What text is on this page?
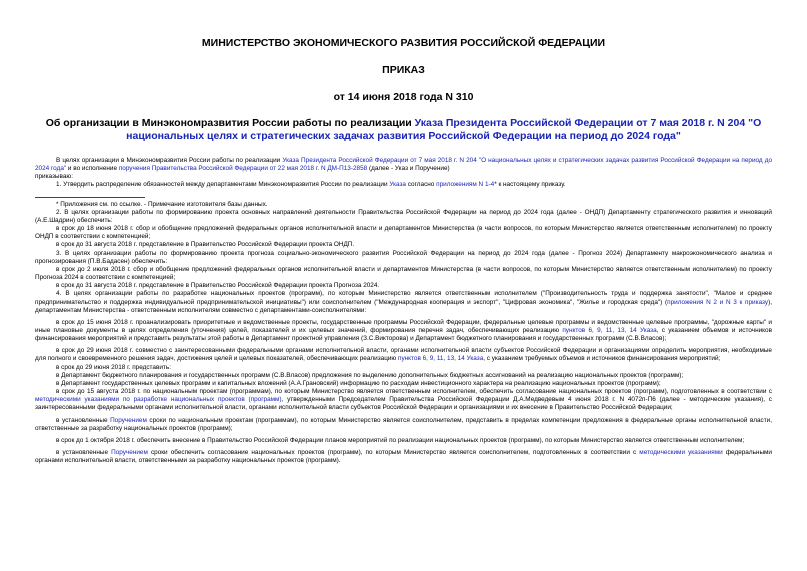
МИНИСТЕРСТВО ЭКОНОМИЧЕСКОГО РАЗВИТИЯ РОССИЙСКОЙ ФЕДЕРАЦИИ
ПРИКАЗ
от 14 июня 2018 года N 310
Об организации в Минэкономразвития России работы по реализации Указа Президента Российской Федерации от 7 мая 2018 г. N 204 "О национальных целях и стратегических задачах развития Российской Федерации на период до 2024 года"

В целях организации в Минэкономразвития России работы по реализации Указа Президента Российской Федерации от 7 мая 2018 г. N 204 "О национальных целях и стратегических задачах развития Российской Федерации на период до 2024 года" и во исполнение поручения Правительства Российской Федерации от 22 мая 2018 г. N ДМ-П13-2858 (далее - Указ и Поручение)

приказываю:

1. Утвердить распределение обязанностей между департаментами Минэкономразвития России по реализации Указа согласно приложениям N 1-4* к настоящему приказу.

* Приложения см. по ссылке. - Примечание изготовителя базы данных.

2. В целях организации работы по формированию проекта основных направлений деятельности Правительства Российской Федерации на период до 2024 года (далее - ОНДП) Департаменту стратегического развития и инноваций (А.Е.Шадрин) обеспечить:

в срок до 18 июня 2018 г. сбор и обобщение предложений федеральных органов исполнительной власти и департаментов Министерства (в части вопросов, по которым Министерство является ответственным исполнителем) по проекту ОНДП в соответствии с компетенцией;

в срок до 31 августа 2018 г. представление в Правительство Российской Федерации проекта ОНДП.

3. В целях организации работы по формированию проекта прогноза социально-экономического развития Российской Федерации на период до 2024 года (далее - Прогноз 2024) Департаменту макроэкономического анализа и прогнозирования (П.В.Бадасен) обеспечить:

в срок до 2 июля 2018 г. сбор и обобщение предложений федеральных органов исполнительной власти и департаментов Министерства (в части вопросов, по которым Министерство является ответственным исполнителем) по проекту Прогноза 2024 в соответствии с компетенцией;

в срок до 31 августа 2018 г. представление в Правительство Российской Федерации проекта Прогноза 2024.

4. В целях организации работы по разработке национальных проектов (программ), по которым Министерство является ответственным исполнителем ("Производительность труда и поддержка занятости", "Малое и среднее предпринимательство и поддержка индивидуальной предпринимательской инициативы") или соисполнителем ("Международная кооперация и экспорт", "Цифровая экономика", "Жилье и городская среда") (приложения N 2 и N 3 к приказу), департаментам Министерства - ответственным исполнителям совместно с департаментами-соисполнителями:

в срок до 15 июня 2018 г. проанализировать приоритетные и ведомственные проекты, государственные программы Российской Федерации, федеральные целевые программы и ведомственные целевые программы, "дорожные карты" и иные плановые документы в целях определения (уточнения) целей, показателей и их целевых значений, формирования перечня задач, обеспечивающих реализацию пунктов 6, 9, 11, 13, 14 Указа, с указанием объемов и источников финансирования мероприятий и представить результаты этой работы в Департамент проектной управления (З.С.Викторова) и Департамент бюджетного планирования и государственных программ (С.В.Власов);

в срок до 29 июня 2018 г. совместно с заинтересованными федеральными органами исполнительной власти, органами исполнительной власти субъектов Российской Федерации и организациями определить мероприятия, необходимые для полного и своевременного решения задач, достижения целей и целевых показателей, обеспечивающих реализацию пунктов 6, 9, 11, 13, 14 Указа, с указанием требуемых объемов и источников финансирования мероприятий;

в срок до 29 июня 2018 г. представить:

в Департамент бюджетного планирования и государственных программ (С.В.Власов) предложения по выделению дополнительных бюджетных ассигнований на реализацию национальных проектов (программ);

в Департамент государственных целевых программ и капитальных вложений (А.А.Грановский) информацию по расходам инвестиционного характера на реализацию национальных проектов (программ);

в срок до 15 августа 2018 г. по национальным проектам (программам), по которым Министерство является ответственным исполнителем, обеспечить согласование национальных проектов (программ), подготовленных в соответствии с методическими указаниями по разработке национальных проектов (программ), утвержденными Председателем Правительства Российской Федерации Д.А.Медведевым 4 июня 2018 г. N 4072п-П6 (далее - методические указания), с заинтересованными федеральными органами исполнительной власти, органами исполнительной власти субъектов Российской Федерации и организациями и их внесение в Правительство Российской Федерации;

в установленные Поручением сроки по национальным проектам (программам), по которым Министерство является соисполнителем, представить в пределах компетенции предложения в федеральные органы исполнительной власти, ответственные за разработку национальных проектов (программ);

в срок до 1 октября 2018 г. обеспечить внесение в Правительство Российской Федерации планов мероприятий по реализации национальных проектов (программ), по которым Министерство является ответственным исполнителем;

в установленные Поручением сроки обеспечить согласование национальных проектов (программ), по которым Министерство является соисполнителем, подготовленных в соответствии с методическими указаниями федеральными органами исполнительной власти, ответственными за разработку национальных проектов (программ).
